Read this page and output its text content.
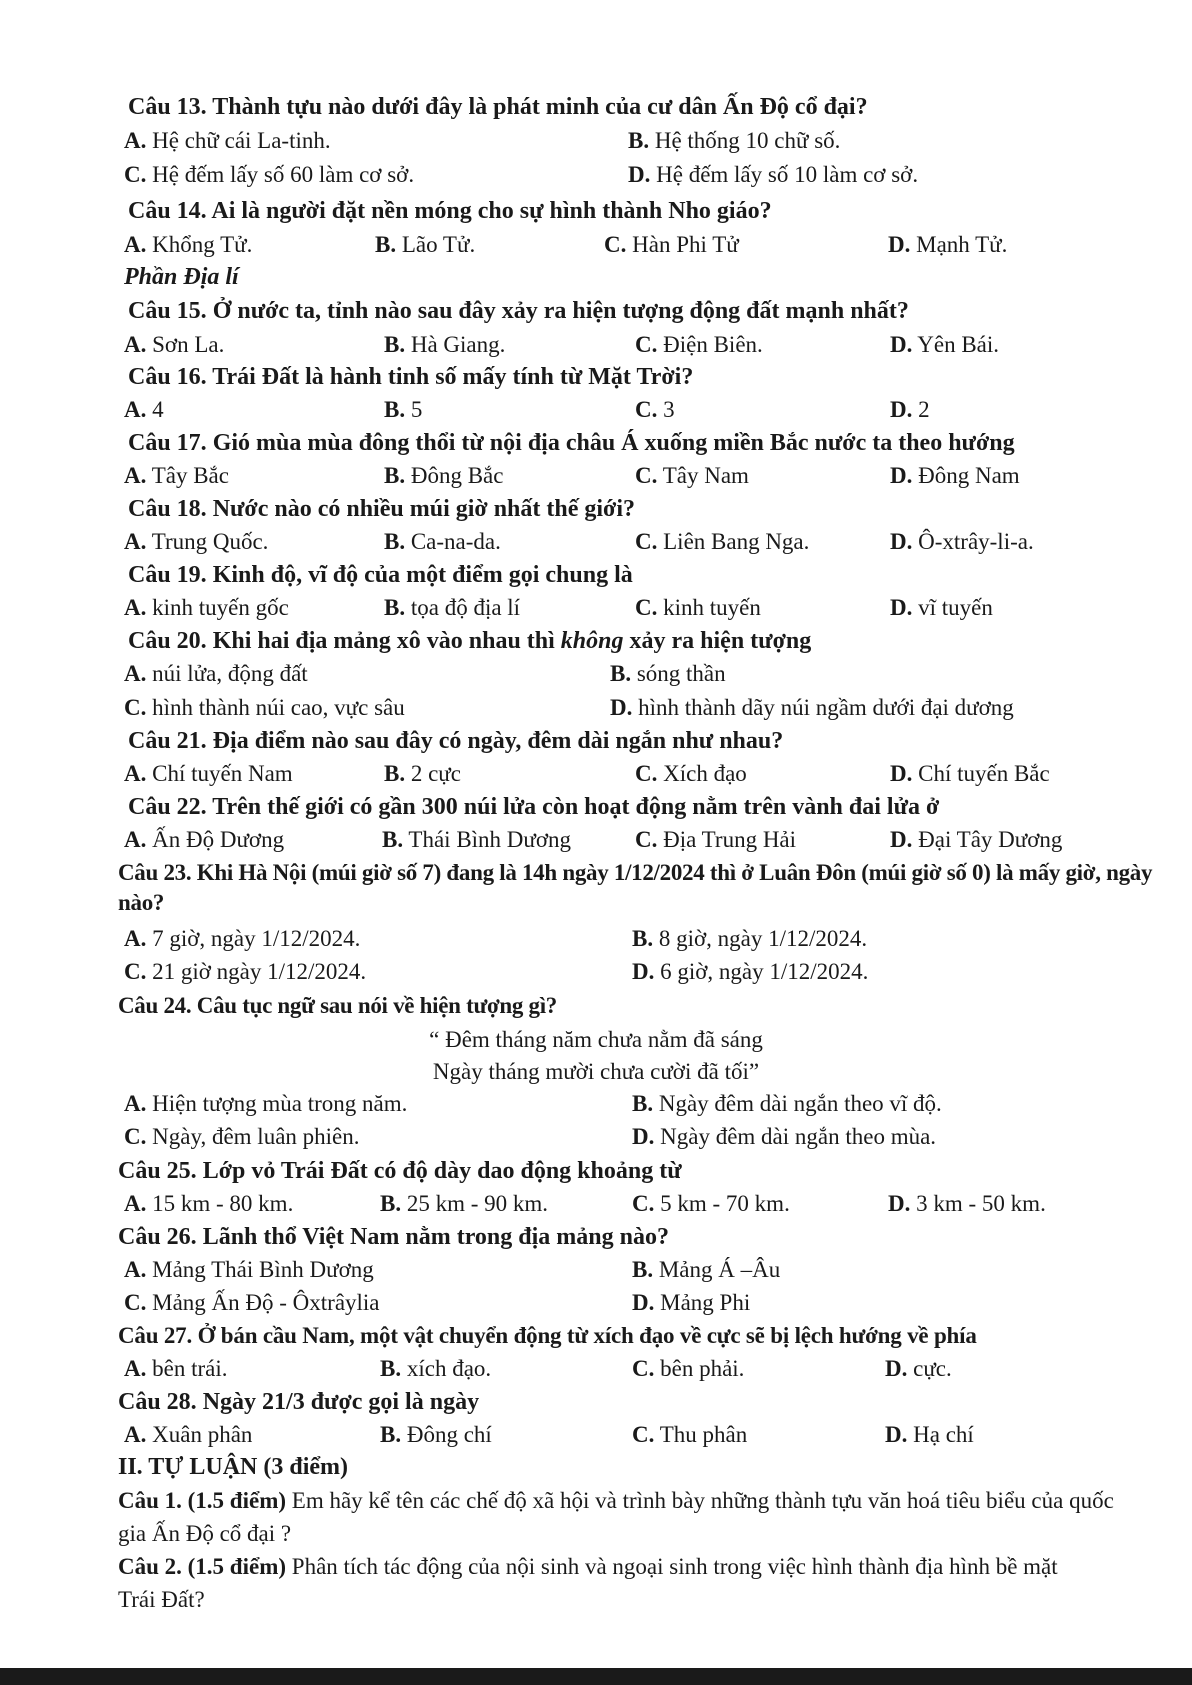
Câu 13. Thành tựu nào dưới đây là phát minh của cư dân Ấn Độ cổ đại?
A. Hệ chữ cái La-tinh.	B. Hệ thống 10 chữ số.
C. Hệ đếm lấy số 60 làm cơ sở.	D. Hệ đếm lấy số 10 làm cơ sở.
Câu 14. Ai là người đặt nền móng cho sự hình thành Nho giáo?
A. Khổng Tử.	B. Lão Tử.	C. Hàn Phi Tử	D. Mạnh Tử.
Phần Địa lí
Câu 15. Ở nước ta, tỉnh nào sau đây xảy ra hiện tượng động đất mạnh nhất?
A. Sơn La.	B. Hà Giang.	C. Điện Biên.	D. Yên Bái.
Câu 16. Trái Đất là hành tinh số mấy tính từ Mặt Trời?
A. 4	B. 5	C. 3	D. 2
Câu 17. Gió mùa mùa đông thổi từ nội địa châu Á xuống miền Bắc nước ta theo hướng
A. Tây Bắc	B. Đông Bắc	C. Tây Nam	D. Đông Nam
Câu 18. Nước nào có nhiều múi giờ nhất thế giới?
A. Trung Quốc.	B. Ca-na-da.	C. Liên Bang Nga.	D. Ô-xtrây-li-a.
Câu 19. Kinh độ, vĩ độ của một điểm gọi chung là
A. kinh tuyến gốc	B. tọa độ địa lí	C. kinh tuyến	D. vĩ tuyến
Câu 20. Khi hai địa mảng xô vào nhau thì không xảy ra hiện tượng
A. núi lửa, động đất	B. sóng thần
C. hình thành núi cao, vực sâu	D. hình thành dãy núi ngầm dưới đại dương
Câu 21. Địa điểm nào sau đây có ngày, đêm dài ngắn như nhau?
A. Chí tuyến Nam	B. 2 cực	C. Xích đạo	D. Chí tuyến Bắc
Câu 22. Trên thế giới có gần 300 núi lửa còn hoạt động nằm trên vành đai lửa ở
A. Ấn Độ Dương	B. Thái Bình Dương	C. Địa Trung Hải	D. Đại Tây Dương
Câu 23. Khi Hà Nội (múi giờ số 7) đang là 14h ngày 1/12/2024 thì ở Luân Đôn (múi giờ số 0) là mấy giờ, ngày nào?
A. 7 giờ, ngày 1/12/2024.	B. 8 giờ, ngày 1/12/2024.
C. 21 giờ ngày 1/12/2024.	D. 6 giờ, ngày 1/12/2024.
Câu 24. Câu tục ngữ sau nói về hiện tượng gì?
“ Đêm tháng năm chưa nằm đã sáng
Ngày tháng mười chưa cười đã tối”
A. Hiện tượng mùa trong năm.	B. Ngày đêm dài ngắn theo vĩ độ.
C. Ngày, đêm luân phiên.	D. Ngày đêm dài ngắn theo mùa.
Câu 25. Lớp vỏ Trái Đất có độ dày dao động khoảng từ
A. 15 km - 80 km.	B. 25 km - 90 km.	C. 5 km - 70 km.	D. 3 km - 50 km.
Câu 26. Lãnh thổ Việt Nam nằm trong địa mảng nào?
A. Mảng Thái Bình Dương	B. Mảng Á –Âu
C. Mảng Ấn Độ - Ôxtrâylia	D. Mảng Phi
Câu 27. Ở bán cầu Nam, một vật chuyển động từ xích đạo về cực sẽ bị lệch hướng về phía
A. bên trái.	B. xích đạo.	C. bên phải.	D. cực.
Câu 28. Ngày 21/3 được gọi là ngày
A. Xuân phân	B. Đông chí	C. Thu phân	D. Hạ chí
II. TỰ LUẬN (3 điểm)
Câu 1. (1.5 điểm) Em hãy kể tên các chế độ xã hội và trình bày những thành tựu văn hoá tiêu biểu của quốc gia Ấn Độ cổ đại ?
Câu 2. (1.5 điểm) Phân tích tác động của nội sinh và ngoại sinh trong việc hình thành địa hình bề mặt Trái Đất?
